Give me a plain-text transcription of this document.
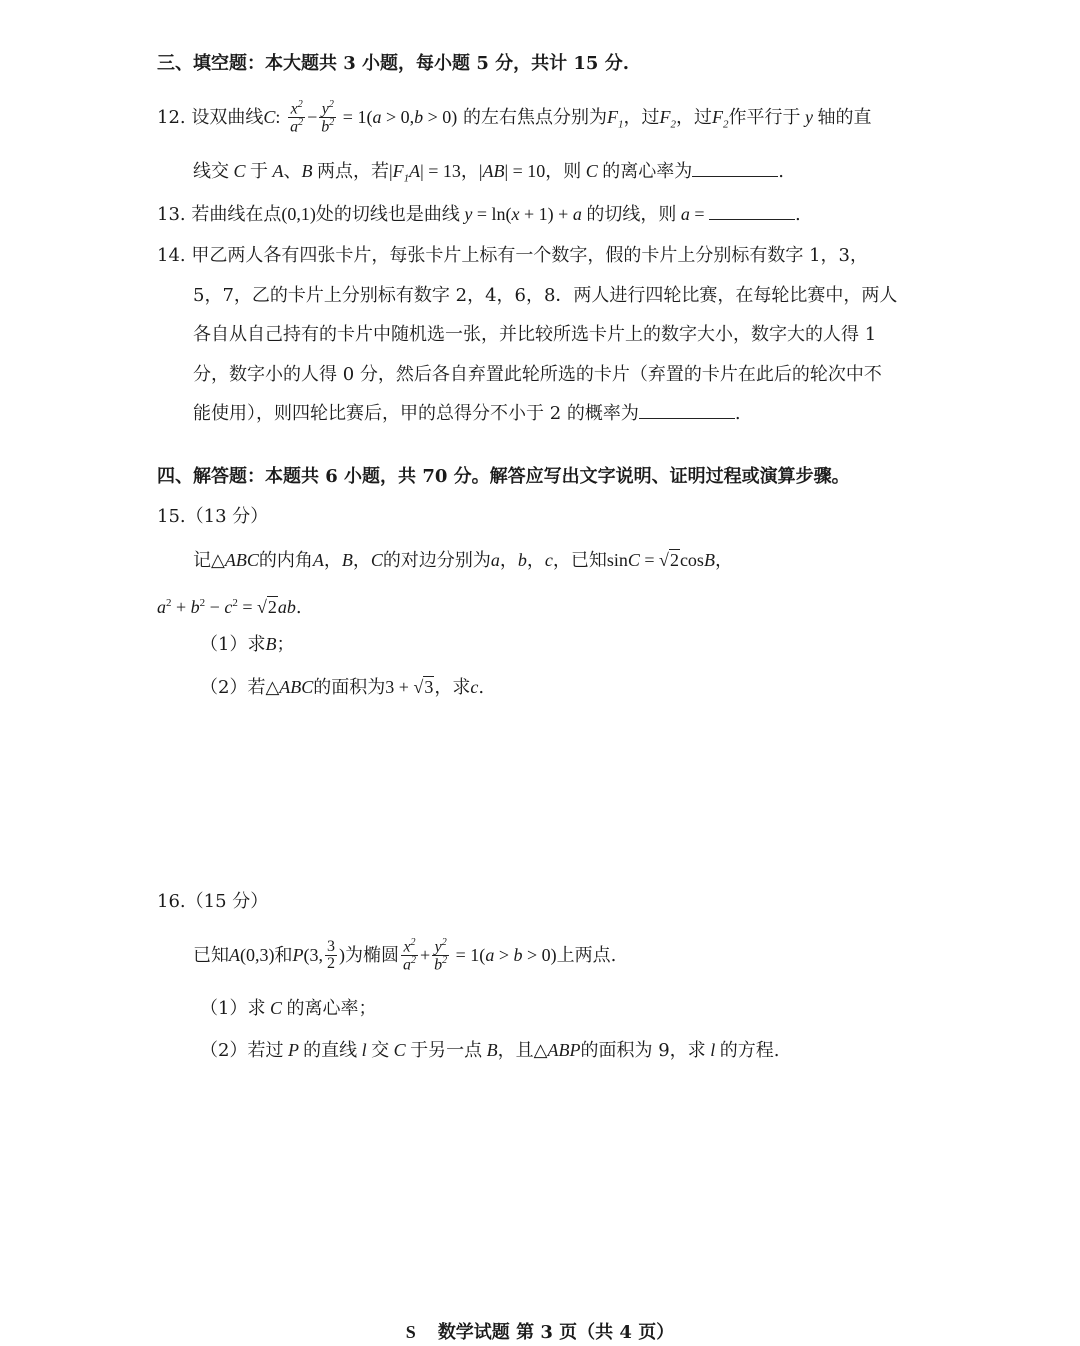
三、填空题：本大题共 3 小题，每小题 5 分，共计 15 分.
12. 设双曲线C: $\frac{x^2}{a^2} - \frac{y^2}{b^2} = 1(a > 0,b > 0)$ 的左右焦点分别为$F_1$，过$F_2$，过$F_2$作平行于 y 轴的直
线交 C 于 A、B 两点，若$|F_1A| = 13$，|AB| = 10，则 C 的离心率为	.
13. 若曲线在点(0,1)处的切线也是曲线 y = ln(x + 1) + a 的切线，则 a =	.
14. 甲乙两人各有四张卡片，每张卡片上标有一个数字，假的卡片上分别标有数字 1，3，
5，7，乙的卡片上分别标有数字 2，4，6，8．两人进行四轮比赛，在每轮比赛中，两人
各自从自己持有的卡片中随机选一张，并比较所选卡片上的数字大小，数字大的人得 1
分，数字小的人得 0 分，然后各自弃置此轮所选的卡片（弃置的卡片在此后的轮次中不
能使用），则四轮比赛后，甲的总得分不小于 2 的概率为	.
四、解答题：本题共 6 小题，共 70 分。解答应写出文字说明、证明过程或演算步骤。
15.（13 分）
记△ABC的内角A，B，C的对边分别为a，b，c，已知sinC = √2cosB，
$a^2 + b^2 - c^2 = √2ab$.
（1）求B；
（2）若△ABC的面积为3 + √3，求c.
16.（15 分）
已知A(0,3)和P(3, $\frac{3}{2}$ )为椭圆 $\frac{x^2}{a^2} + \frac{y^2}{b^2} = 1(a > b > 0)$上两点.
（1）求 C 的离心率；
（2）若过 P 的直线 l 交 C 于另一点 B，且△ABP的面积为 9，求 l 的方程.
S 数学试题 第 3 页（共 4 页）
